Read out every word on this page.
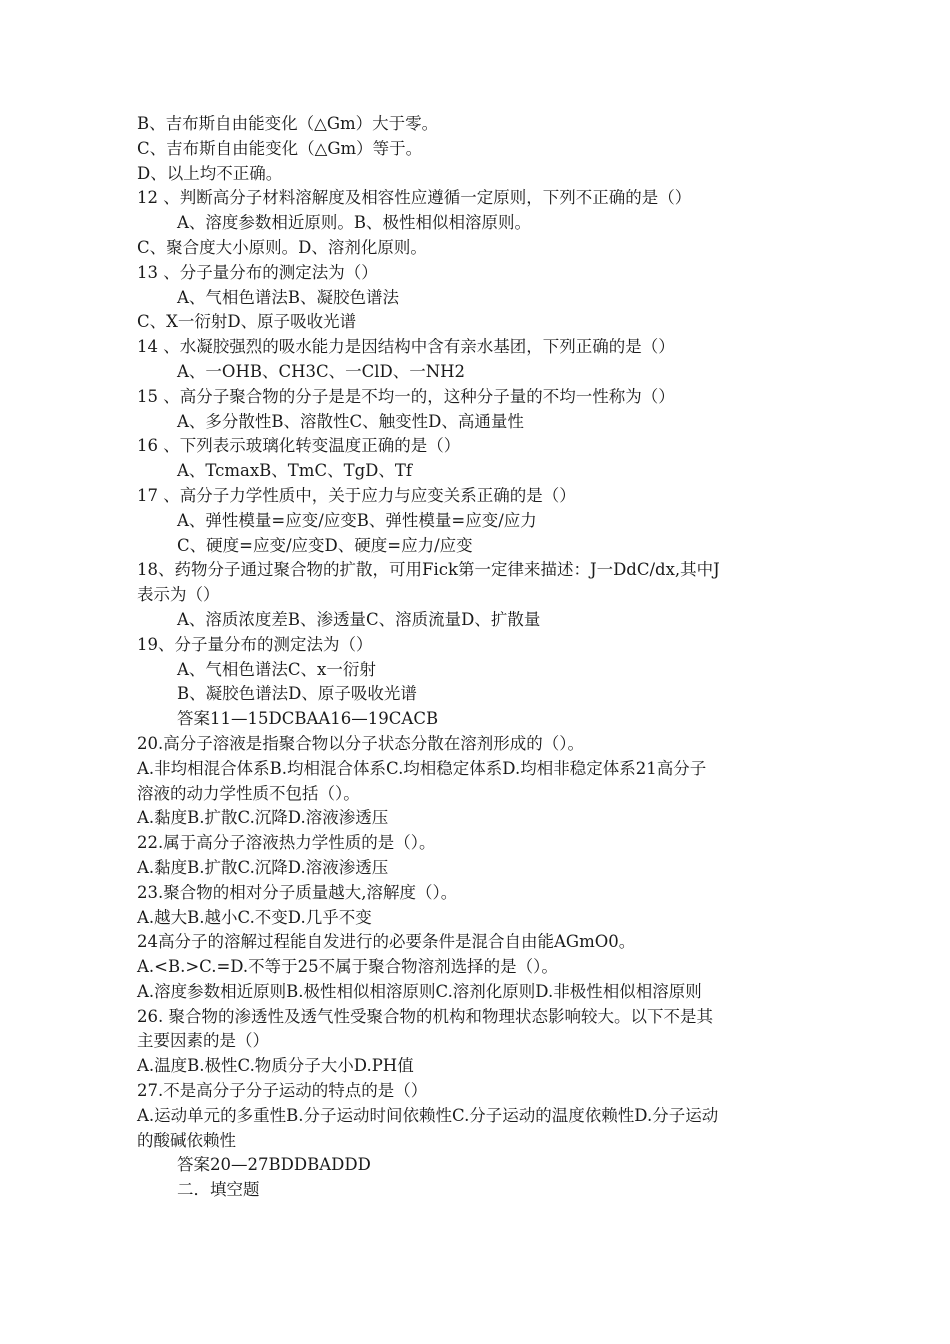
B、吉布斯自由能变化（△Gm）大于零。
C、吉布斯自由能变化（△Gm）等于。
D、以上均不正确。
12 、判断高分子材料溶解度及相容性应遵循一定原则，下列不正确的是（）
A、溶度参数相近原则。B、极性相似相溶原则。
C、聚合度大小原则。D、溶剂化原则。
13 、分子量分布的测定法为（）
A、气相色谱法B、凝胶色谱法
C、X一衍射D、原子吸收光谱
14 、水凝胶强烈的吸水能力是因结构中含有亲水基团，下列正确的是（）
A、一OHB、CH3C、一ClD、一NH2
15 、高分子聚合物的分子是是不均一的，这种分子量的不均一性称为（）
A、多分散性B、溶散性C、触变性D、高通量性
16 、下列表示玻璃化转变温度正确的是（）
A、TcmaxB、TmC、TgD、Tf
17 、高分子力学性质中，关于应力与应变关系正确的是（）
A、弹性模量=应变/应变B、弹性模量=应变/应力
C、硬度=应变/应变D、硬度=应力/应变
18、药物分子通过聚合物的扩散，可用Fick第一定律来描述：J一DdC/dx,其中J
表示为（）
A、溶质浓度差B、渗透量C、溶质流量D、扩散量
19、分子量分布的测定法为（）
A、气相色谱法C、x一衍射
B、凝胶色谱法D、原子吸收光谱
答案11—15DCBAA16—19CACB
20.高分子溶液是指聚合物以分子状态分散在溶剂形成的（）。
A.非均相混合体系B.均相混合体系C.均相稳定体系D.均相非稳定体系21高分子
溶液的动力学性质不包括（）。
A.黏度B.扩散C.沉降D.溶液渗透压
22.属于高分子溶液热力学性质的是（）。
A.黏度B.扩散C.沉降D.溶液渗透压
23.聚合物的相对分子质量越大,溶解度（）。
A.越大B.越小C.不变D.几乎不变
24高分子的溶解过程能自发进行的必要条件是混合自由能AGmO0。
A.<B.>C.=D.不等于25不属于聚合物溶剂选择的是（）。
A.溶度参数相近原则B.极性相似相溶原则C.溶剂化原则D.非极性相似相溶原则
26. 聚合物的渗透性及透气性受聚合物的机构和物理状态影响较大。以下不是其
主要因素的是（）
A.温度B.极性C.物质分子大小D.PH值
27.不是高分子分子运动的特点的是（）
A.运动单元的多重性B.分子运动时间依赖性C.分子运动的温度依赖性D.分子运动
的酸碱依赖性
答案20—27BDDBADDD
二．填空题
